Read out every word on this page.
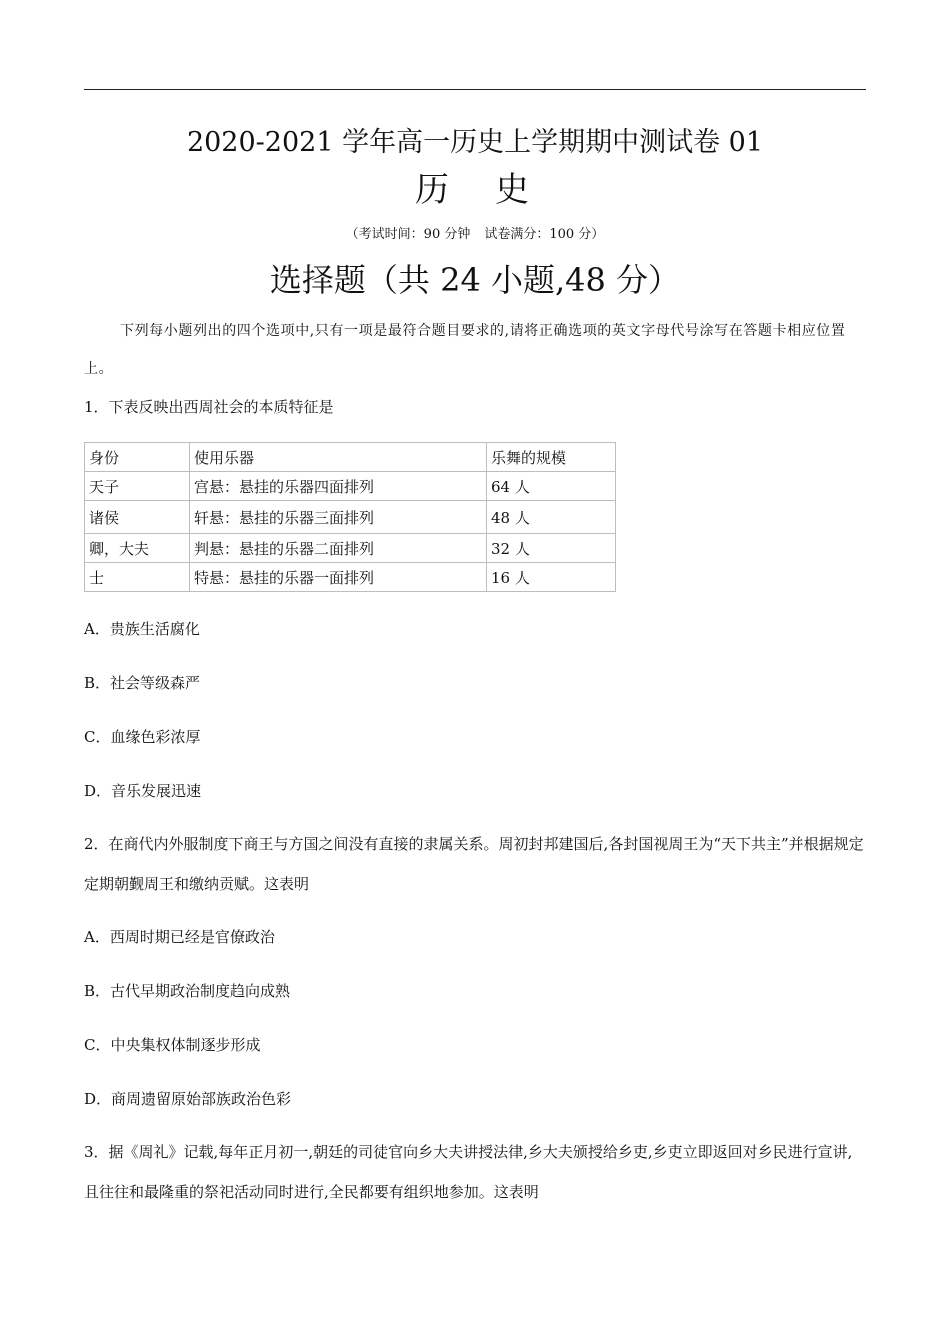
2020-2021 学年高一历史上学期期中测试卷 01
历 史
（考试时间：90 分钟 试卷满分：100 分）
选择题（共 24 小题,48 分）
下列每小题列出的四个选项中,只有一项是最符合题目要求的,请将正确选项的英文字母代号涂写在答题卡相应位置上。
1．下表反映出西周社会的本质特征是
身份	使用乐器	乐舞的规模
天子	宫悬：悬挂的乐器四面排列	64 人
诸侯	轩悬：悬挂的乐器三面排列	48 人
卿，大夫	判悬：悬挂的乐器二面排列	32 人
士	特悬：悬挂的乐器一面排列	16 人
A．贵族生活腐化
B．社会等级森严
C．血缘色彩浓厚
D．音乐发展迅速
2．在商代内外服制度下商王与方国之间没有直接的隶属关系。周初封邦建国后,各封国视周王为“天下共主”并根据规定定期朝觐周王和缴纳贡赋。这表明
A．西周时期已经是官僚政治
B．古代早期政治制度趋向成熟
C．中央集权体制逐步形成
D．商周遗留原始部族政治色彩
3．据《周礼》记载,每年正月初一,朝廷的司徒官向乡大夫讲授法律,乡大夫颁授给乡吏,乡吏立即返回对乡民进行宣讲,且往往和最隆重的祭祀活动同时进行,全民都要有组织地参加。这表明
